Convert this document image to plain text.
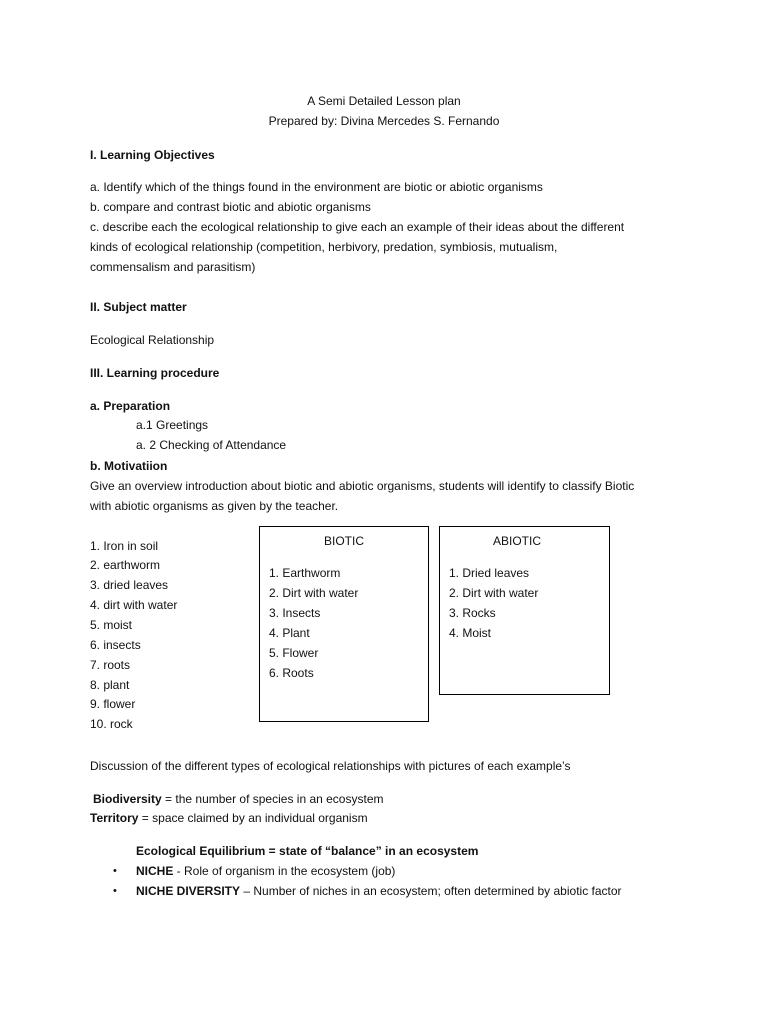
A Semi Detailed Lesson plan
Prepared by: Divina Mercedes S. Fernando
I. Learning Objectives
a. Identify which of the things found in the environment are biotic or abiotic organisms
b. compare and contrast biotic and abiotic organisms
c. describe each the ecological relationship to give each an example of their ideas about the different
kinds of ecological relationship (competition, herbivory, predation, symbiosis, mutualism,
commensalism and parasitism)
II. Subject matter
Ecological Relationship
III. Learning procedure
a. Preparation
a.1 Greetings
a. 2 Checking of Attendance
b. Motivatiion
Give an overview introduction about biotic and abiotic organisms, students will identify to classify Biotic
with abiotic organisms as given by the teacher.
1. Iron in soil
2. earthworm
3. dried leaves
4. dirt with water
5. moist
6. insects
7. roots
8. plant
9. flower
10. rock
BIOTIC
1. Earthworm
2. Dirt with water
3. Insects
4. Plant
5. Flower
6. Roots
ABIOTIC
1. Dried leaves
2. Dirt with water
3. Rocks
4. Moist
Discussion of the different types of ecological relationships with pictures of each example’s
Biodiversity = the number of species in an ecosystem
Territory = space claimed by an individual organism
Ecological Equilibrium = state of “balance” in an ecosystem
• NICHE - Role of organism in the ecosystem (job)
• NICHE DIVERSITY – Number of niches in an ecosystem; often determined by abiotic factor
